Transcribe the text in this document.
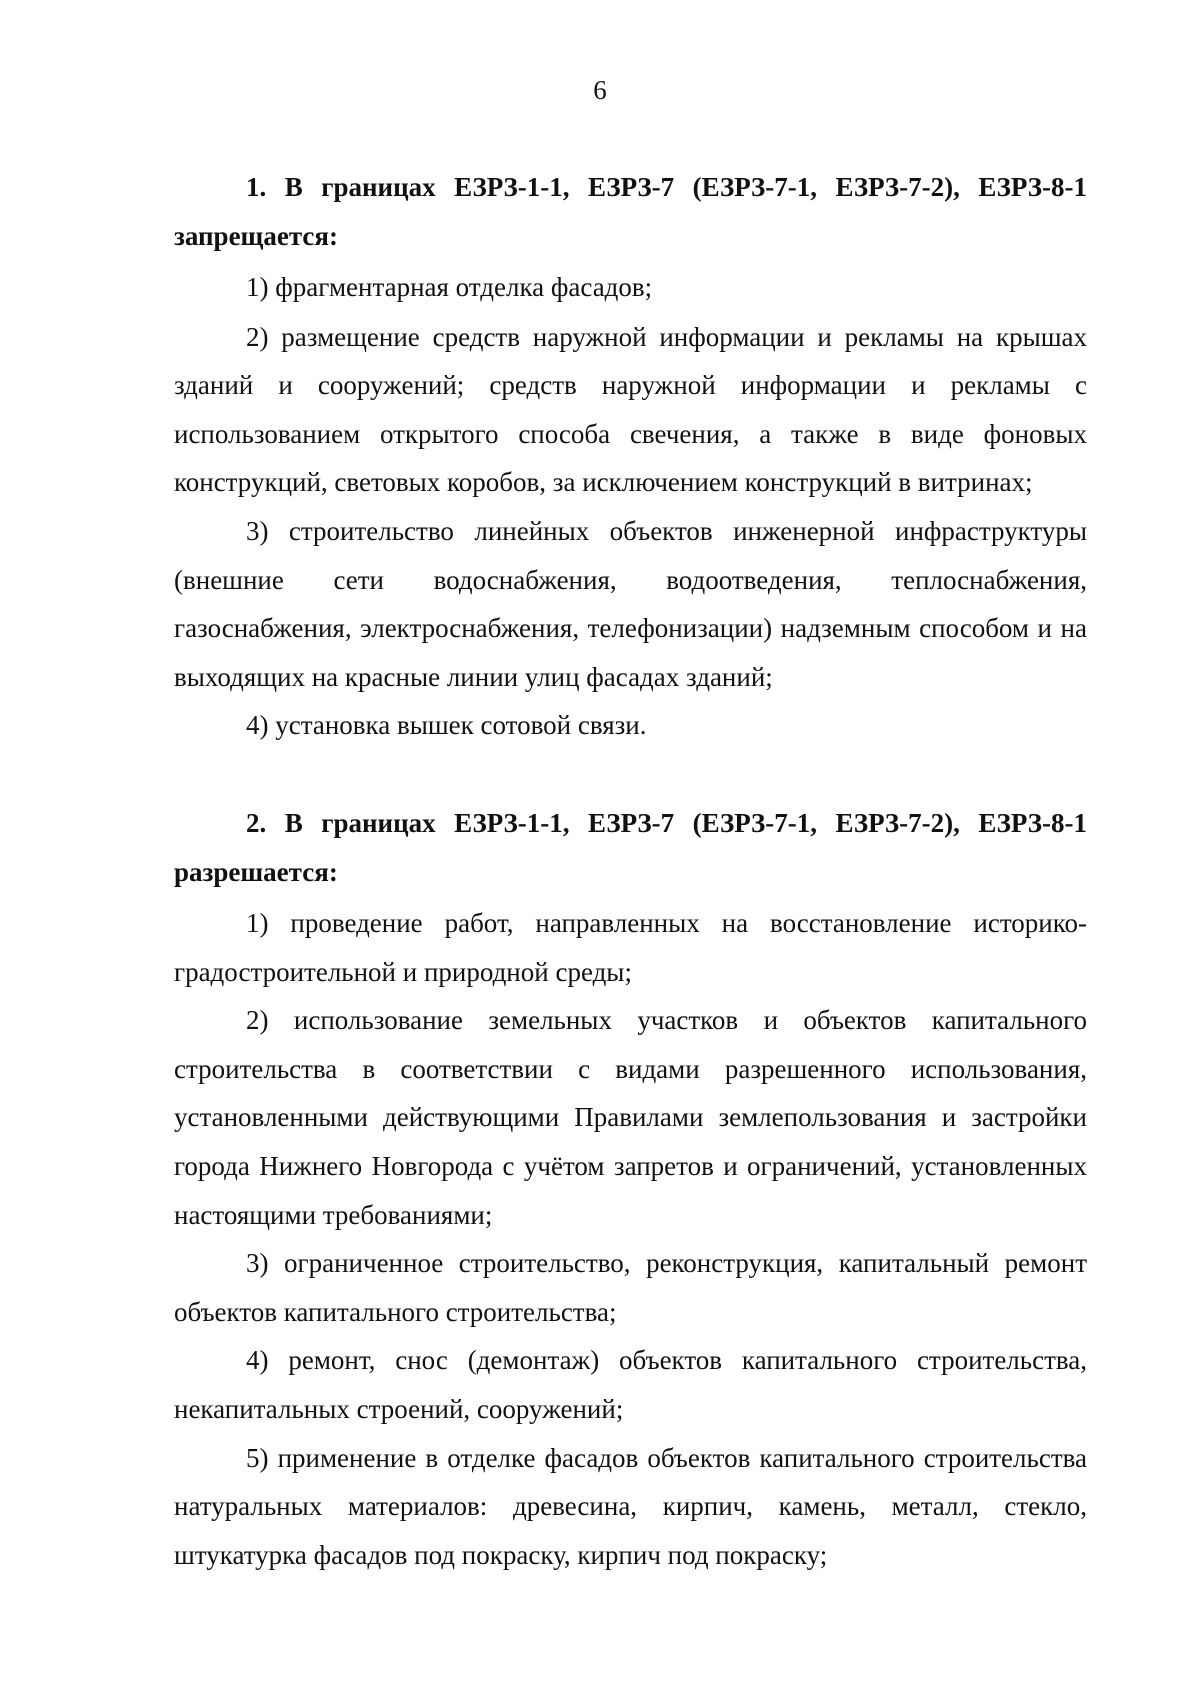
6

1. В границах ЕЗРЗ-1-1, ЕЗРЗ-7 (ЕЗРЗ-7-1, ЕЗРЗ-7-2), ЕЗРЗ-8-1 запрещается:

1) фрагментарная отделка фасадов;

2) размещение средств наружной информации и рекламы на крышах зданий и сооружений; средств наружной информации и рекламы с использованием открытого способа свечения, а также в виде фоновых конструкций, световых коробов, за исключением конструкций в витринах;

3) строительство линейных объектов инженерной инфраструктуры (внешние сети водоснабжения, водоотведения, теплоснабжения, газоснабжения, электроснабжения, телефонизации) надземным способом и на выходящих на красные линии улиц фасадах зданий;

4) установка вышек сотовой связи.

2. В границах ЕЗРЗ-1-1, ЕЗРЗ-7 (ЕЗРЗ-7-1, ЕЗРЗ-7-2), ЕЗРЗ-8-1 разрешается:

1) проведение работ, направленных на восстановление историко-градостроительной и природной среды;

2) использование земельных участков и объектов капитального строительства в соответствии с видами разрешенного использования, установленными действующими Правилами землепользования и застройки города Нижнего Новгорода с учётом запретов и ограничений, установленных настоящими требованиями;

3) ограниченное строительство, реконструкция, капитальный ремонт объектов капитального строительства;

4) ремонт, снос (демонтаж) объектов капитального строительства, некапитальных строений, сооружений;

5) применение в отделке фасадов объектов капитального строительства натуральных материалов: древесина, кирпич, камень, металл, стекло, штукатурка фасадов под покраску, кирпич под покраску;
